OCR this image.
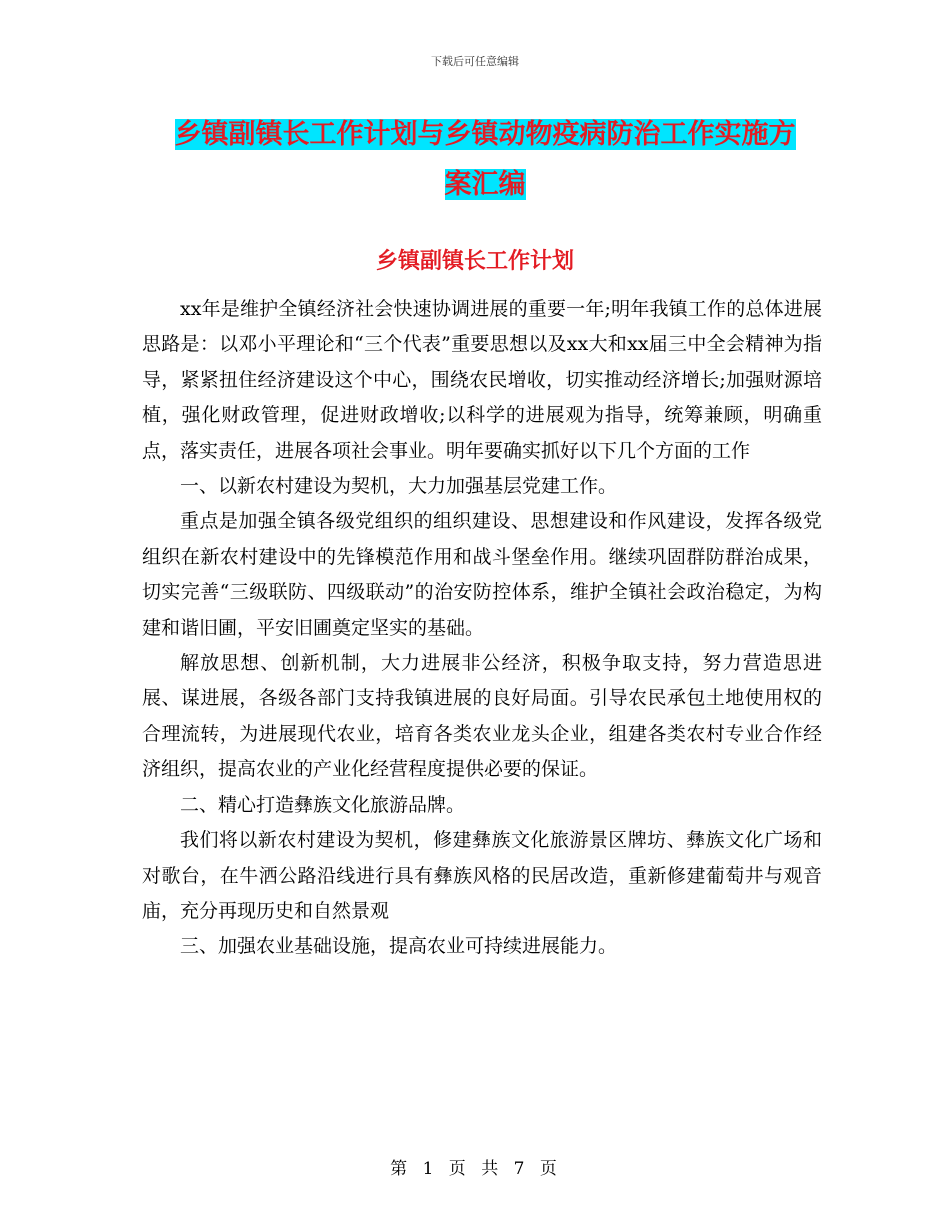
下载后可任意编辑
乡镇副镇长工作计划与乡镇动物疫病防治工作实施方
案汇编
乡镇副镇长工作计划

xx年是维护全镇经济社会快速协调进展的重要一年;明年我镇工作的总体进展思路是：以邓小平理论和“三个代表”重要思想以及xx大和xx届三中全会精神为指导，紧紧扭住经济建设这个中心，围绕农民增收，切实推动经济增长;加强财源培植，强化财政管理，促进财政增收;以科学的进展观为指导，统筹兼顾，明确重点，落实责任，进展各项社会事业。明年要确实抓好以下几个方面的工作

一、以新农村建设为契机，大力加强基层党建工作。

重点是加强全镇各级党组织的组织建设、思想建设和作风建设，发挥各级党组织在新农村建设中的先锋模范作用和战斗堡垒作用。继续巩固群防群治成果，切实完善“三级联防、四级联动”的治安防控体系，维护全镇社会政治稳定，为构建和谐旧圃，平安旧圃奠定坚实的基础。

解放思想、创新机制，大力进展非公经济，积极争取支持，努力营造思进展、谋进展，各级各部门支持我镇进展的良好局面。引导农民承包土地使用权的合理流转，为进展现代农业，培育各类农业龙头企业，组建各类农村专业合作经济组织，提高农业的产业化经营程度提供必要的保证。

二、精心打造彝族文化旅游品牌。

我们将以新农村建设为契机，修建彝族文化旅游景区牌坊、彝族文化广场和对歌台，在牛洒公路沿线进行具有彝族风格的民居改造，重新修建葡萄井与观音庙，充分再现历史和自然景观

三、加强农业基础设施，提高农业可持续进展能力。

第 1 页 共 7 页
